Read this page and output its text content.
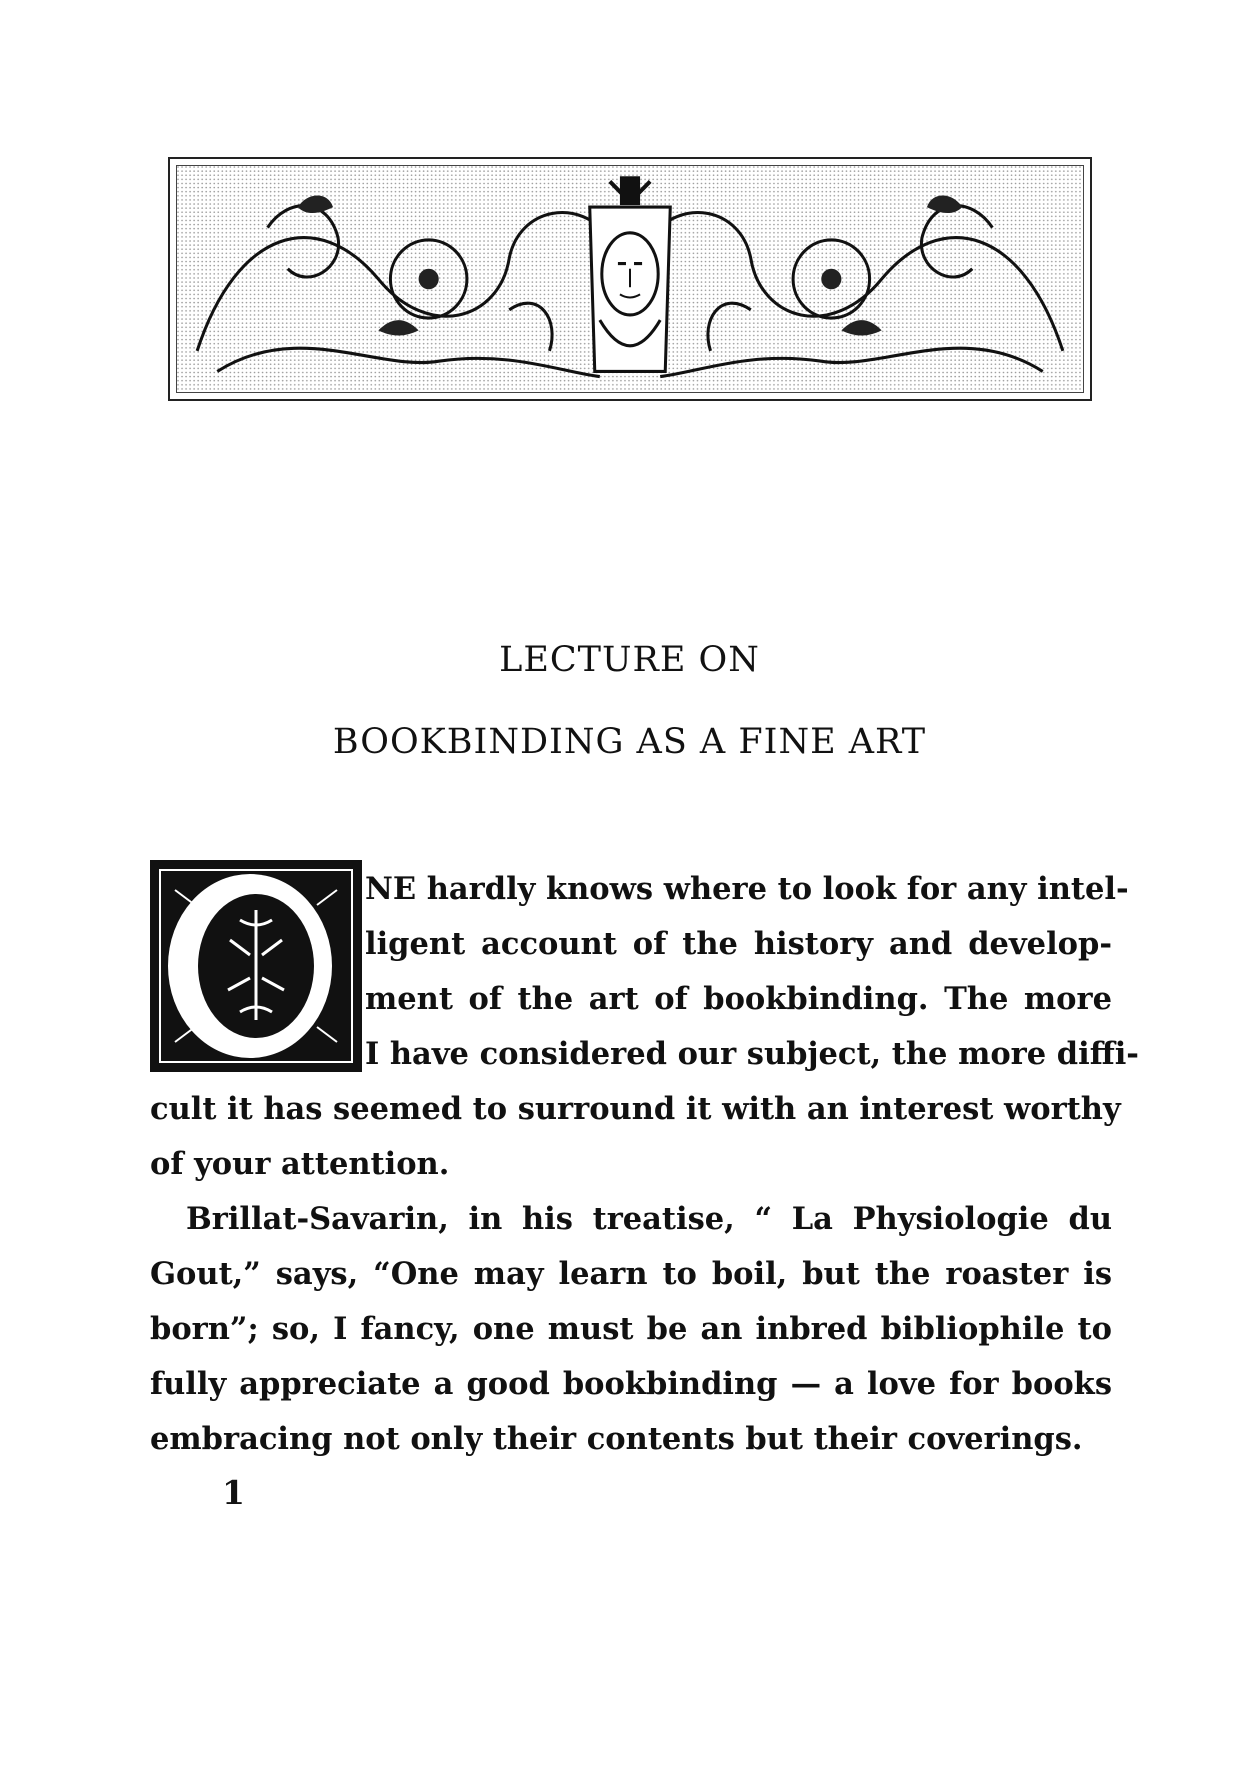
LECTURE ON
BOOKBINDING AS A FINE ART
NE hardly knows where to look for any intel-
ligent account of the history and develop-
ment of the art of bookbinding. The more
I have considered our subject, the more diffi-
cult it has seemed to surround it with an interest worthy
of your attention.
Brillat-Savarin, in his treatise, “ La Physiologie du
Gout,” says, “One may learn to boil, but the roaster is
born”; so, I fancy, one must be an inbred bibliophile to
fully appreciate a good bookbinding — a love for books
embracing not only their contents but their coverings.
1
